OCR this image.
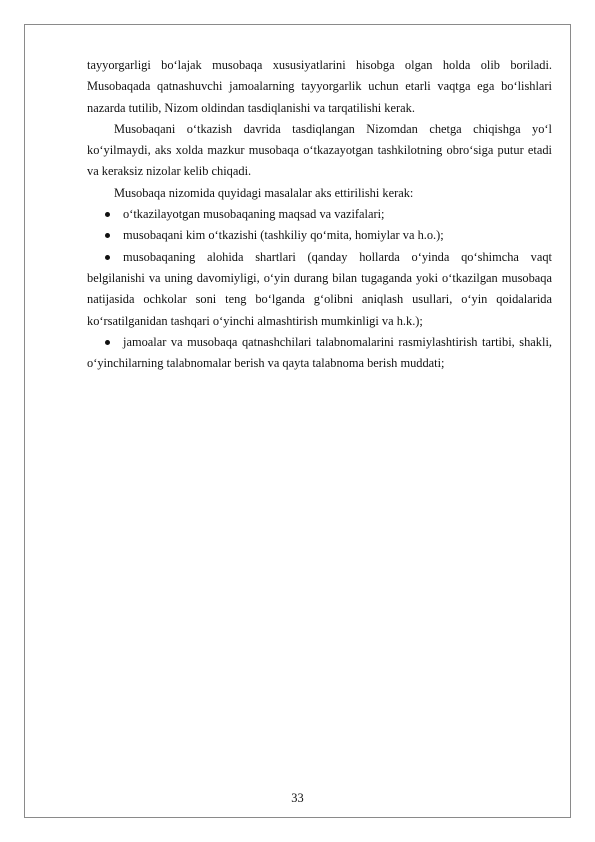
tayyorgarligi bo‘lajak musobaqa xususiyatlarini hisobga olgan holda olib boriladi. Musobaqada qatnashuvchi jamoalarning tayyorgarlik uchun etarli vaqtga ega bo‘lishlari nazarda tutilib, Nizom oldindan tasdiqlanishi va tarqatilishi kerak.

Musobaqani o‘tkazish davrida tasdiqlangan Nizomdan chetga chiqishga yo‘l ko‘yilmaydi, aks xolda mazkur musobaqa o‘tkazayotgan tashkilotning obro‘siga putur etadi va keraksiz nizolar kelib chiqadi.

Musobaqa nizomida quyidagi masalalar aks ettirilishi kerak:

o‘tkazilayotgan musobaqaning maqsad va vazifalari;
musobaqani kim o‘tkazishi (tashkiliy qo‘mita, homiylar va h.o.);
musobaqaning alohida shartlari (qanday hollarda o‘yinda qo‘shimcha vaqt belgilanishi va uning davomiyligi, o‘yin durang bilan tugaganda yoki o‘tkazilgan musobaqa natijasida ochkolar soni teng bo‘lganda g‘olibni aniqlash usullari, o‘yin qoidalarida ko‘rsatilganidan tashqari o‘yinchi almashtirish mumkinligi va h.k.);
jamoalar va musobaqa qatnashchilari talabnomalarini rasmiylashtirish tartibi, shakli, o‘yinchilarning talabnomalar berish va qayta talabnoma berish muddati;
33
